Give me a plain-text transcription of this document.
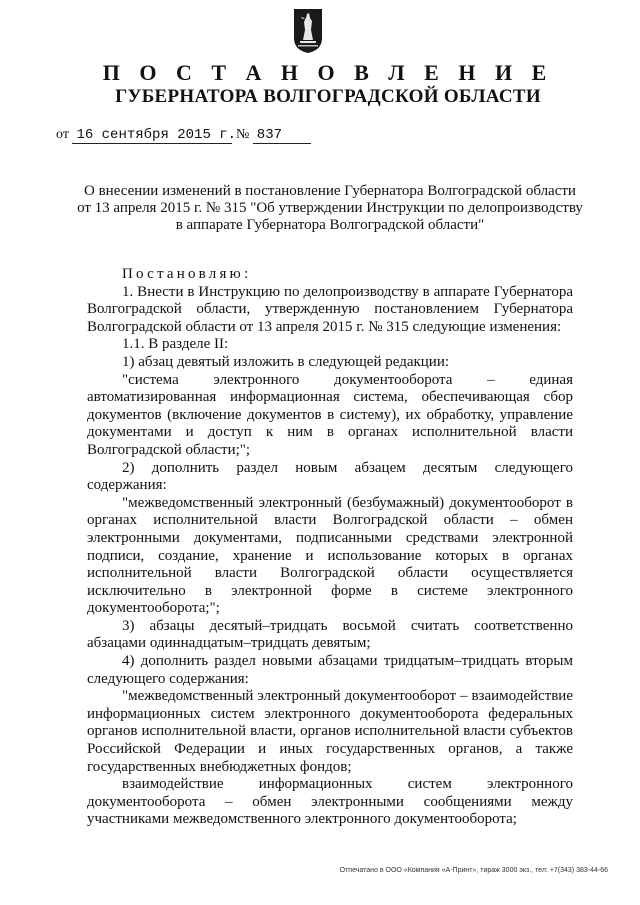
П О С Т А Н О В Л Е Н И Е
ГУБЕРНАТОРА ВОЛГОГРАДСКОЙ ОБЛАСТИ
от 16 сентября 2015 г. № 837
О внесении изменений в постановление Губернатора Волгоградской области
от 13 апреля 2015 г. № 315 "Об утверждении Инструкции по делопроизводству
в аппарате Губернатора Волгоградской области"

Постановляю:

1. Внести в Инструкцию по делопроизводству в аппарате Губернатора Волгоградской области, утвержденную постановлением Губернатора Волгоградской области от 13 апреля 2015 г. № 315 следующие изменения:

1.1. В разделе II:

1) абзац девятый изложить в следующей редакции:

"система электронного документооборота – единая автоматизированная информационная система, обеспечивающая сбор документов (включение документов в систему), их обработку, управление документами и доступ к ним в органах исполнительной власти Волгоградской области;";

2) дополнить раздел новым абзацем десятым следующего содержания:

"межведомственный электронный (безбумажный) документооборот в органах исполнительной власти Волгоградской области – обмен электронными документами, подписанными средствами электронной подписи, создание, хранение и использование которых в органах исполнительной власти Волгоградской области осуществляется исключительно в электронной форме в системе электронного документооборота;";

3) абзацы десятый–тридцать восьмой считать соответственно абзацами одиннадцатым–тридцать девятым;

4) дополнить раздел новыми абзацами тридцатым–тридцать вторым следующего содержания:

"межведомственный электронный документооборот – взаимодействие информационных систем электронного документооборота федеральных органов исполнительной власти, органов исполнительной власти субъектов Российской Федерации и иных государственных органов, а также государственных внебюджетных фондов;

взаимодействие информационных систем электронного документооборота – обмен электронными сообщениями между участниками межведомственного электронного документооборота;

Отпечатано в ООО «Компания «А-Принт», тираж 3000 экз., тел: +7(343) 383-44-66
